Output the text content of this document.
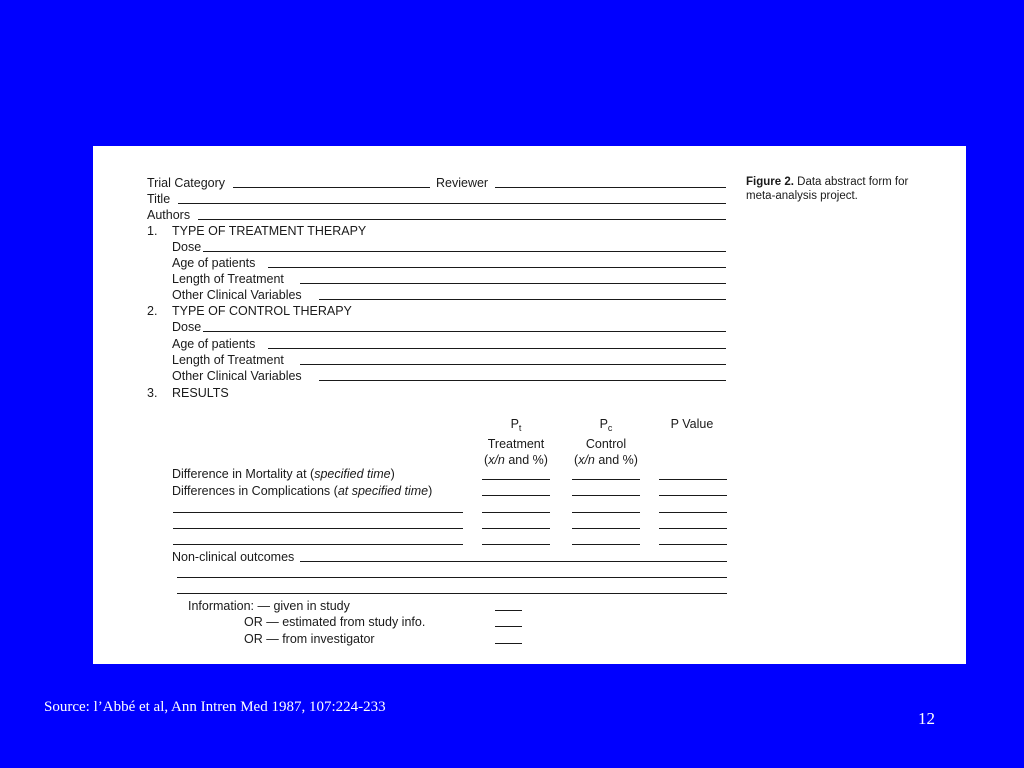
Trial Category	Reviewer
Title
Authors
1. TYPE OF TREATMENT THERAPY
Dose
Age of patients
Length of Treatment
Other Clinical Variables
2. TYPE OF CONTROL THERAPY
Dose
Age of patients
Length of Treatment
Other Clinical Variables
3. RESULTS
$P_t$
Treatment
(x/n and %)
$P_c$
Control
(x/n and %)
P Value
Difference in Mortality at (specified time)
Differences in Complications (at specified time)
Non-clinical outcomes
Information: — given in study
OR — estimated from study info.
OR — from investigator
Figure 2. Data abstract form for
meta-analysis project.
Source: l’Abbé et al, Ann Intren Med 1987, 107:224-233
12
